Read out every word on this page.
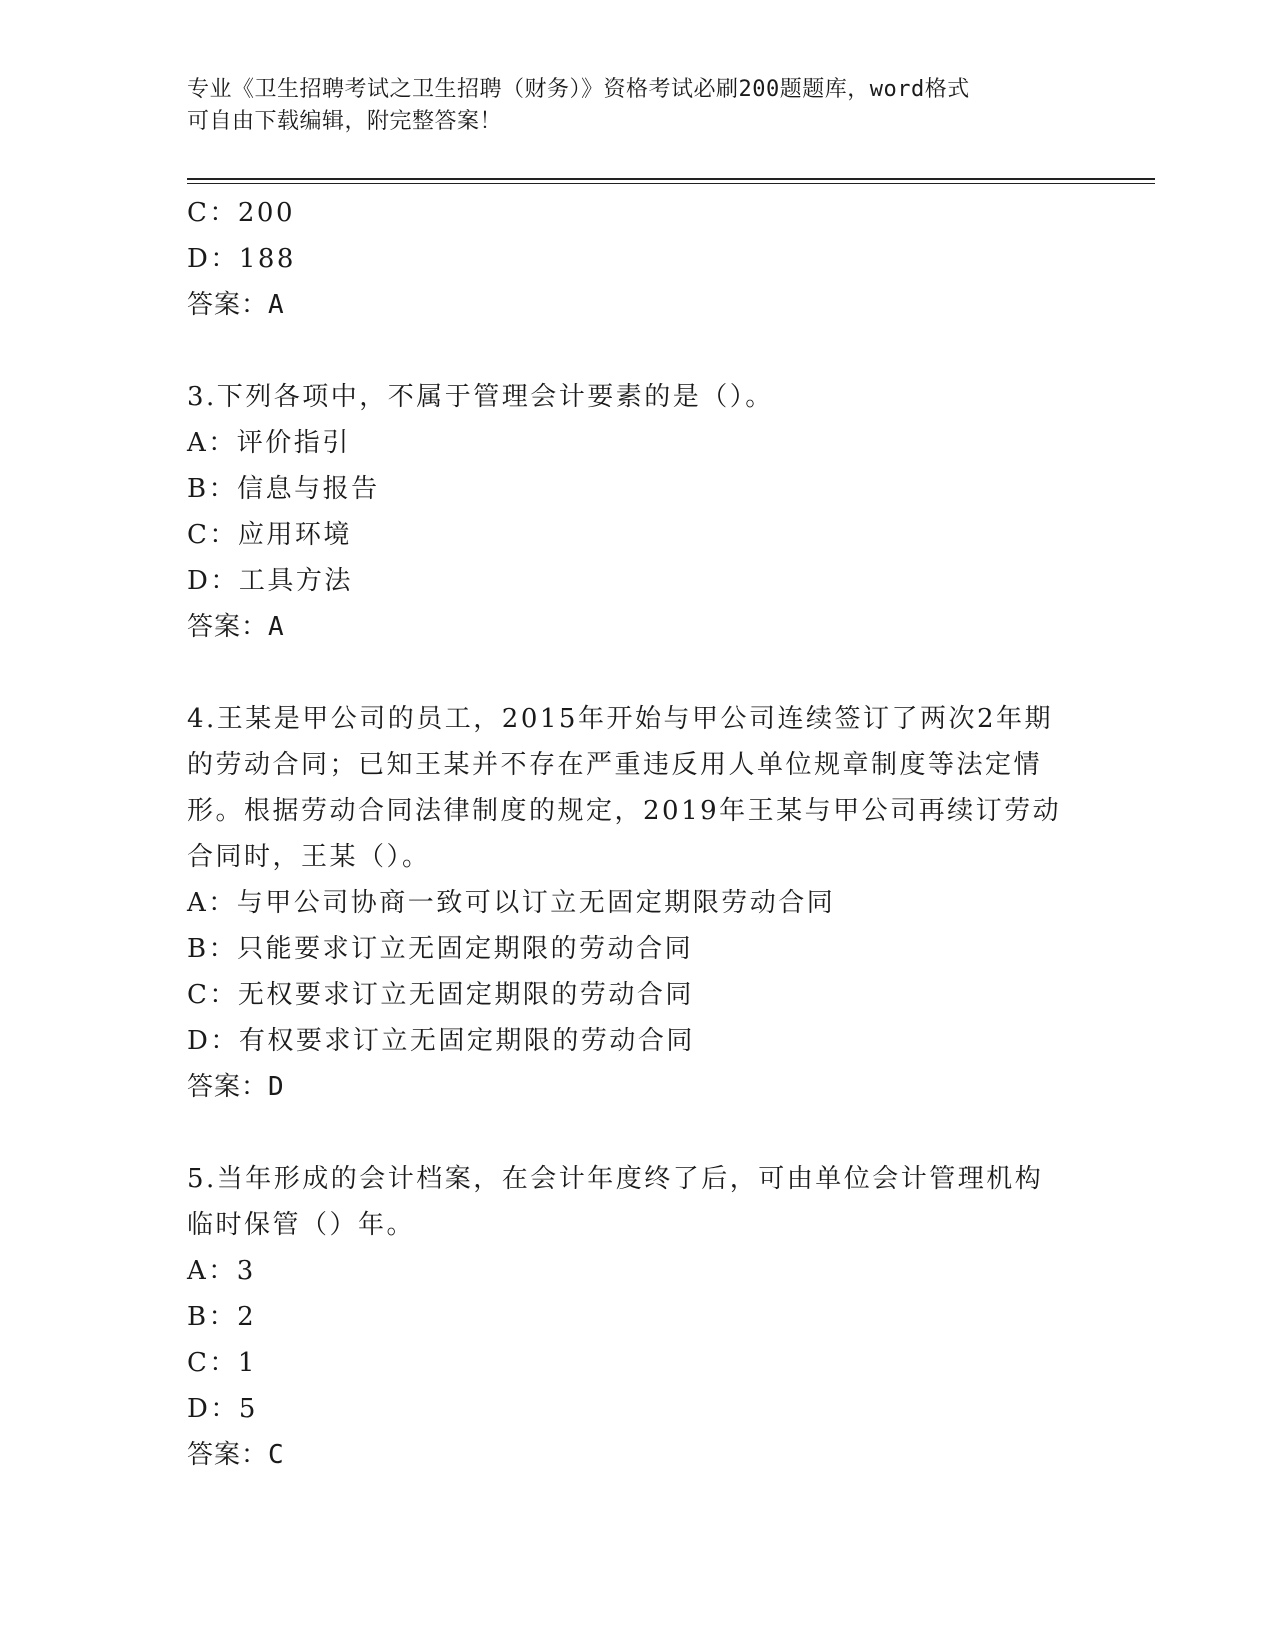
专业《卫生招聘考试之卫生招聘（财务）》资格考试必刷200题题库，word格式
可自由下载编辑，附完整答案！
C：200
D：188
答案：A
3.下列各项中，不属于管理会计要素的是（）。
A：评价指引
B：信息与报告
C：应用环境
D：工具方法
答案：A
4.王某是甲公司的员工，2015年开始与甲公司连续签订了两次2年期
的劳动合同；已知王某并不存在严重违反用人单位规章制度等法定情
形。根据劳动合同法律制度的规定，2019年王某与甲公司再续订劳动
合同时，王某（）。
A：与甲公司协商一致可以订立无固定期限劳动合同
B：只能要求订立无固定期限的劳动合同
C：无权要求订立无固定期限的劳动合同
D：有权要求订立无固定期限的劳动合同
答案：D
5.当年形成的会计档案，在会计年度终了后，可由单位会计管理机构
临时保管（）年。
A：3
B：2
C：1
D：5
答案：C
